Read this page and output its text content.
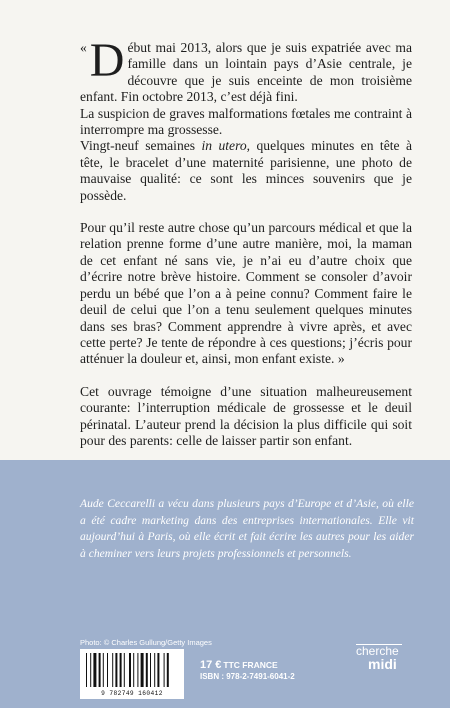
« D ébut mai 2013, alors que je suis expatriée avec ma famille dans un lointain pays d’Asie centrale, je découvre que je suis enceinte de mon troisième enfant. Fin octobre 2013, c’est déjà fini.

La suspicion de graves malformations fœtales me contraint à interrompre ma grossesse.

Vingt-neuf semaines in utero, quelques minutes en tête à tête, le bracelet d’une maternité parisienne, une photo de mauvaise qualité: ce sont les minces souvenirs que je possède.

Pour qu’il reste autre chose qu’un parcours médical et que la relation prenne forme d’une autre manière, moi, la maman de cet enfant né sans vie, je n’ai eu d’autre choix que d’écrire notre brève histoire. Comment se consoler d’avoir perdu un bébé que l’on a à peine connu? Comment faire le deuil de celui que l’on a tenu seulement quelques minutes dans ses bras? Comment apprendre à vivre après, et avec cette perte? Je tente de répondre à ces questions; j’écris pour atténuer la douleur et, ainsi, mon enfant existe. »

Cet ouvrage témoigne d’une situation malheureusement courante: l’interruption médicale de grossesse et le deuil périnatal. L’auteur prend la décision la plus difficile qui soit pour des parents: celle de laisser partir son enfant.

Aude Ceccarelli a vécu dans plusieurs pays d’Europe et d’Asie, où elle a été cadre marketing dans des entreprises internationales. Elle vit aujourd’hui à Paris, où elle écrit et fait écrire les autres pour les aider à cheminer vers leurs projets professionnels et personnels.
Photo: © Charles Gullung/Getty Images
9 782749 160412
17 € TTC FRANCE
ISBN : 978-2-7491-6041-2
cherche
midi
